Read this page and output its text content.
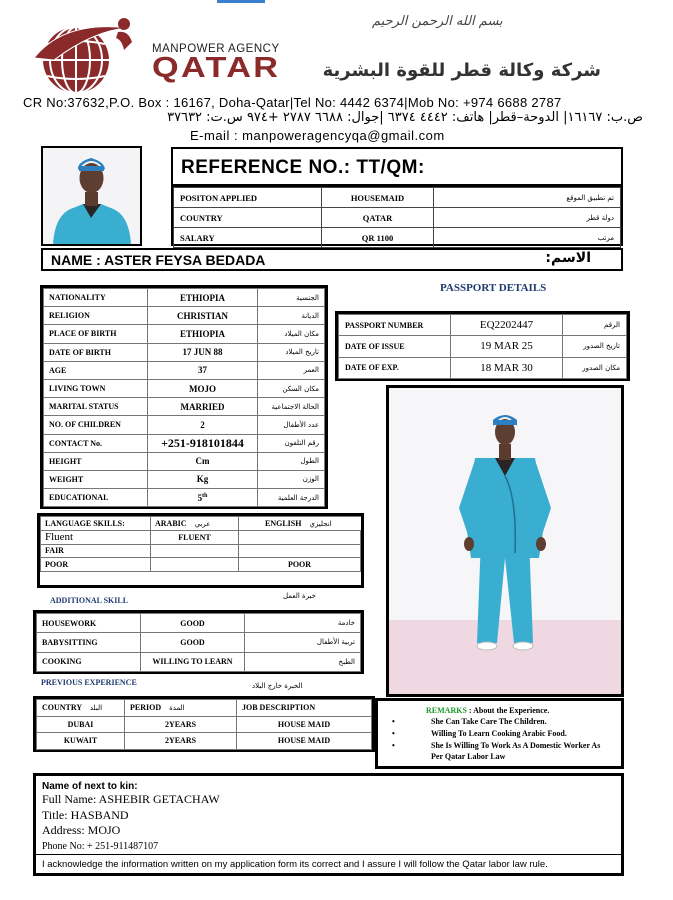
بسم الله الرحمن الرحيم
MANPOWER AGENCY
QATAR شركة وكالة قطر للقوة البشرية
CR No:37632,P.O. Box : 16167, Doha-Qatar|Tel No: 4442 6374|Mob No: +974 6688 2787
ص.ب: ١٦١٦٧| الدوحة–قطر| هاتف: ٤٤٤٢ ٦٣٧٤ |جوال: ٦٦٨٨ ٢٧٨٧ +٩٧٤ س.ت: ٣٧٦٣٢
E-mail : manpoweragencyqa@gmail.com
REFERENCE NO.: TT/QM:
POSITON APPLIED	HOUSEMAID	تم تطبيق الموقع
COUNTRY	QATAR	دولة قطر
SALARY	QR 1100	مرتب
NAME : ASTER FEYSA BEDADA	الاسم:
NATIONALITY	ETHIOPIA	الجنسية
RELIGION	CHRISTIAN	الديانة
PLACE OF BIRTH	ETHIOPIA	مكان الميلاد
DATE OF BIRTH	17 JUN 88	تاريخ الميلاد
AGE	37	العمر
LIVING TOWN	MOJO	مكان السكن
MARITAL STATUS	MARRIED	الحالة الاجتماعية
NO. OF CHILDREN	2	عدد الأطفال
CONTACT No.	+251-918101844	رقم التلفون
HEIGHT	Cm	الطول
WEIGHT	Kg	الوزن
EDUCATIONAL	5th	الدرجة العلمية
PASSPORT DETAILS
PASSPORT NUMBER	EQ2202447	الرقم
DATE OF ISSUE	19 MAR 25	تاريخ الصدور
DATE OF EXP.	18 MAR 30	مكان الصدور
LANGUAGE SKILLS:	ARABIC عربي	ENGLISH انجليزي
Fluent	FLUENT	
FAIR		
POOR		POOR
ADDITIONAL SKILL	خبرة العمل
HOUSEWORK	GOOD	خادمة
BABYSITTING	GOOD	تربية الأطفال
COOKING	WILLING TO LEARN	الطبخ
PREVIOUS EXPERIENCE	الخبرة خارج البلاد
COUNTRY البلد	PERIOD المدة	JOB DESCRIPTION
DUBAI	2YEARS	HOUSE MAID
KUWAIT	2YEARS	HOUSE MAID
REMARKS : About the Experience.
•	She Can Take Care The Children.
•	Willing To Learn Cooking Arabic Food.
•	She Is Willing To Work As A Domestic Worker As Per Qatar Labor Law
Name of next to kin:
Full Name: ASHEBIR GETACHAW
Title: HASBAND
Address: MOJO
Phone No: + 251-911487107
I acknowledge the information written on my application form its correct and I assure I will follow the Qatar labor law rule.
